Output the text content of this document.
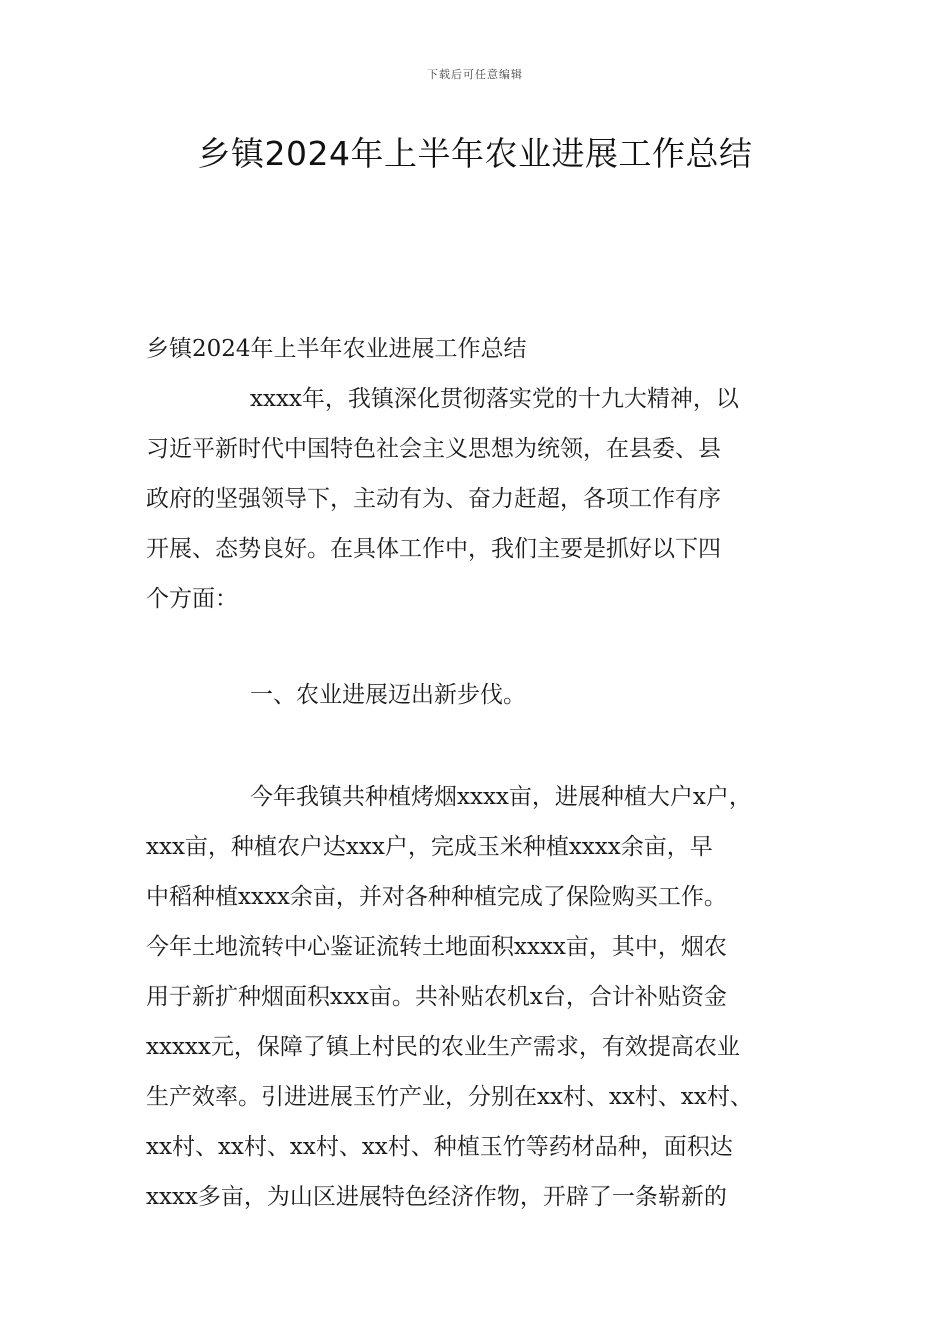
下载后可任意编辑
乡镇2024年上半年农业进展工作总结
乡镇2024年上半年农业进展工作总结
xxxx年，我镇深化贯彻落实党的十九大精神，以
习近平新时代中国特色社会主义思想为统领，在县委、县
政府的坚强领导下，主动有为、奋力赶超，各项工作有序
开展、态势良好。在具体工作中，我们主要是抓好以下四
个方面：
一、农业进展迈出新步伐。
今年我镇共种植烤烟xxxx亩，进展种植大户x户，
xxx亩，种植农户达xxx户，完成玉米种植xxxx余亩，早
中稻种植xxxx余亩，并对各种种植完成了保险购买工作。
今年土地流转中心鉴证流转土地面积xxxx亩，其中，烟农
用于新扩种烟面积xxx亩。共补贴农机x台，合计补贴资金
xxxxx元，保障了镇上村民的农业生产需求，有效提高农业
生产效率。引进进展玉竹产业，分别在xx村、xx村、xx村、
xx村、xx村、xx村、xx村、种植玉竹等药材品种，面积达
xxxx多亩，为山区进展特色经济作物，开辟了一条崭新的
